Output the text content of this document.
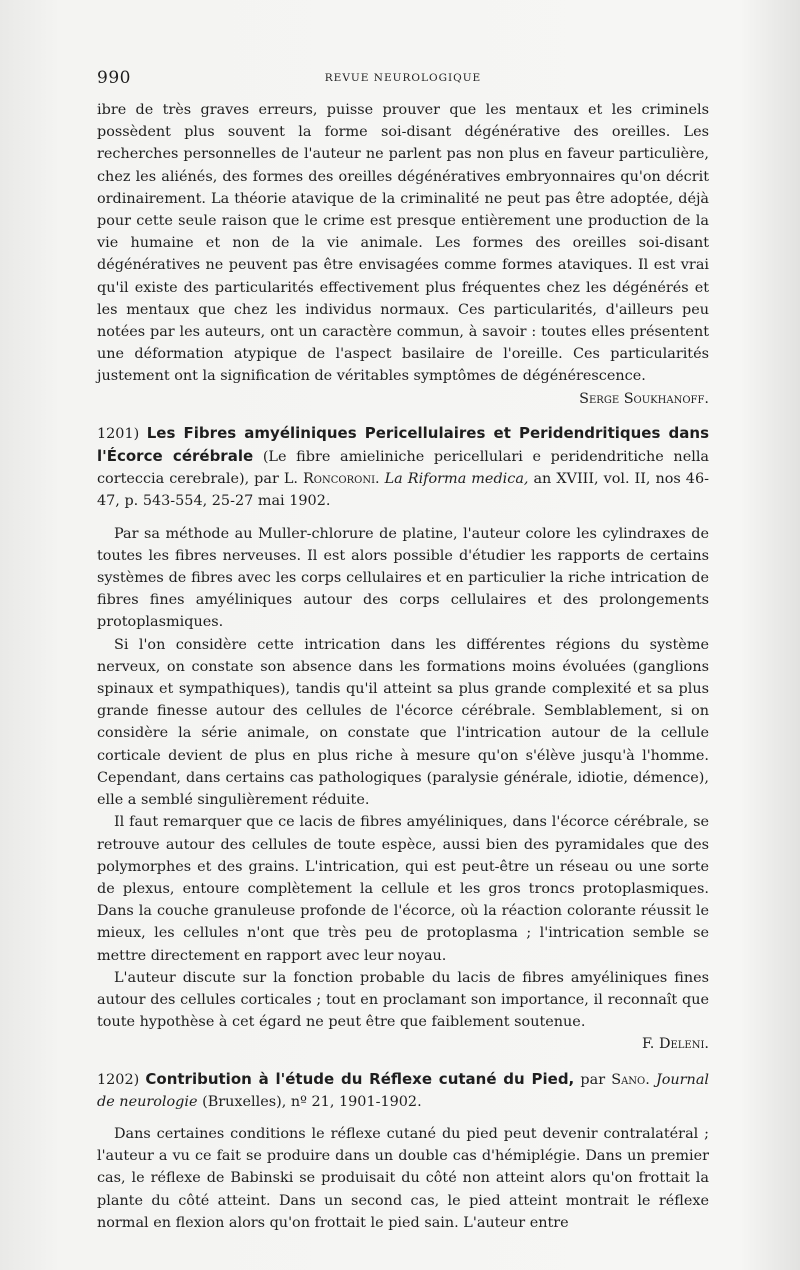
990	REVUE NEUROLOGIQUE

ibre de très graves erreurs, puisse prouver que les mentaux et les criminels possèdent plus souvent la forme soi-disant dégénérative des oreilles. Les recherches personnelles de l'auteur ne parlent pas non plus en faveur particulière, chez les aliénés, des formes des oreilles dégénératives embryonnaires qu'on décrit ordinairement. La théorie atavique de la criminalité ne peut pas être adoptée, déjà pour cette seule raison que le crime est presque entièrement une production de la vie humaine et non de la vie animale. Les formes des oreilles soi-disant dégénératives ne peuvent pas être envisagées comme formes ataviques. Il est vrai qu'il existe des particularités effectivement plus fréquentes chez les dégénérés et les mentaux que chez les individus normaux. Ces particularités, d'ailleurs peu notées par les auteurs, ont un caractère commun, à savoir : toutes elles présentent une déformation atypique de l'aspect basilaire de l'oreille. Ces particularités justement ont la signification de véritables symptômes de dégénérescence.

Serge Soukhanoff.

1201) Les Fibres amyéliniques Pericellulaires et Peridendritiques dans l'Écorce cérébrale (Le fibre amieliniche pericellulari e peridendritiche nella corteccia cerebrale), par L. Roncoroni. La Riforma medica, an XVIII, vol. II, nos 46-47, p. 543-554, 25-27 mai 1902.

Par sa méthode au Muller-chlorure de platine, l'auteur colore les cylindraxes de toutes les fibres nerveuses. Il est alors possible d'étudier les rapports de certains systèmes de fibres avec les corps cellulaires et en particulier la riche intrication de fibres fines amyéliniques autour des corps cellulaires et des prolongements protoplasmiques.

Si l'on considère cette intrication dans les différentes régions du système nerveux, on constate son absence dans les formations moins évoluées (ganglions spinaux et sympathiques), tandis qu'il atteint sa plus grande complexité et sa plus grande finesse autour des cellules de l'écorce cérébrale. Semblablement, si on considère la série animale, on constate que l'intrication autour de la cellule corticale devient de plus en plus riche à mesure qu'on s'élève jusqu'à l'homme. Cependant, dans certains cas pathologiques (paralysie générale, idiotie, démence), elle a semblé singulièrement réduite.

Il faut remarquer que ce lacis de fibres amyéliniques, dans l'écorce cérébrale, se retrouve autour des cellules de toute espèce, aussi bien des pyramidales que des polymorphes et des grains. L'intrication, qui est peut-être un réseau ou une sorte de plexus, entoure complètement la cellule et les gros troncs protoplasmiques. Dans la couche granuleuse profonde de l'écorce, où la réaction colorante réussit le mieux, les cellules n'ont que très peu de protoplasma ; l'intrication semble se mettre directement en rapport avec leur noyau.

L'auteur discute sur la fonction probable du lacis de fibres amyéliniques fines autour des cellules corticales ; tout en proclamant son importance, il reconnaît que toute hypothèse à cet égard ne peut être que faiblement soutenue.

F. Deleni.

1202) Contribution à l'étude du Réflexe cutané du Pied, par Sano. Journal de neurologie (Bruxelles), nº 21, 1901-1902.

Dans certaines conditions le réflexe cutané du pied peut devenir contralatéral ; l'auteur a vu ce fait se produire dans un double cas d'hémiplégie. Dans un premier cas, le réflexe de Babinski se produisait du côté non atteint alors qu'on frottait la plante du côté atteint. Dans un second cas, le pied atteint montrait le réflexe normal en flexion alors qu'on frottait le pied sain. L'auteur entre
